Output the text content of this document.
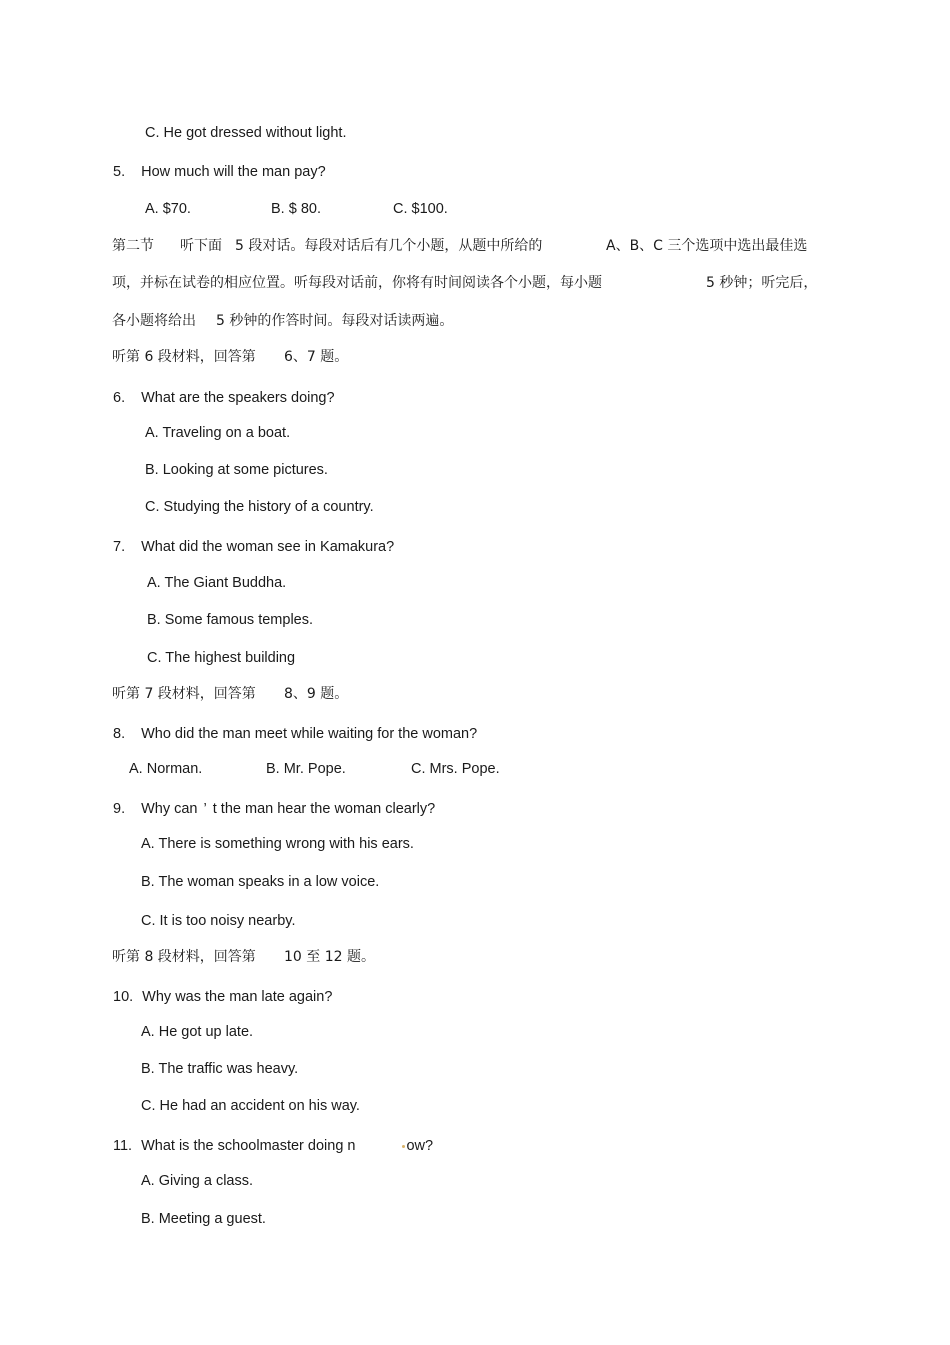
C. He got dressed without light.
5. How much will the man pay?
A. $70.	B. $ 80.	C. $100.
第二节 听下面 5 段对话。每段对话后有几个小题，从题中所给的	A、B、C 三个选项中选出最佳选
项，并标在试卷的相应位置。听每段对话前，你将有时间阅读各个小题，每小题	5 秒钟；听完后，
各小题将给出 5 秒钟的作答时间。每段对话读两遍。
听第 6 段材料，回答第 6、7 题。
6. What are the speakers doing?
A. Traveling on a boat.
B. Looking at some pictures.
C. Studying the history of a country.
7. What did the woman see in Kamakura?
A. The Giant Buddha.
B. Some famous temples.
C. The highest building
听第 7 段材料，回答第 8、9 题。
8. Who did the man meet while waiting for the woman?
A. Norman.	B. Mr. Pope.	C. Mrs. Pope.
9. Why can ’ t the man hear the woman clearly?
A. There is something wrong with his ears.
B. The woman speaks in a low voice.
C. It is too noisy nearby.
听第 8 段材料，回答第 10 至 12 题。
10. Why was the man late again?
A. He got up late.
B. The traffic was heavy.
C. He had an accident on his way.
11. What is the schoolmaster doing n	ow?
A. Giving a class.
B. Meeting a guest.
